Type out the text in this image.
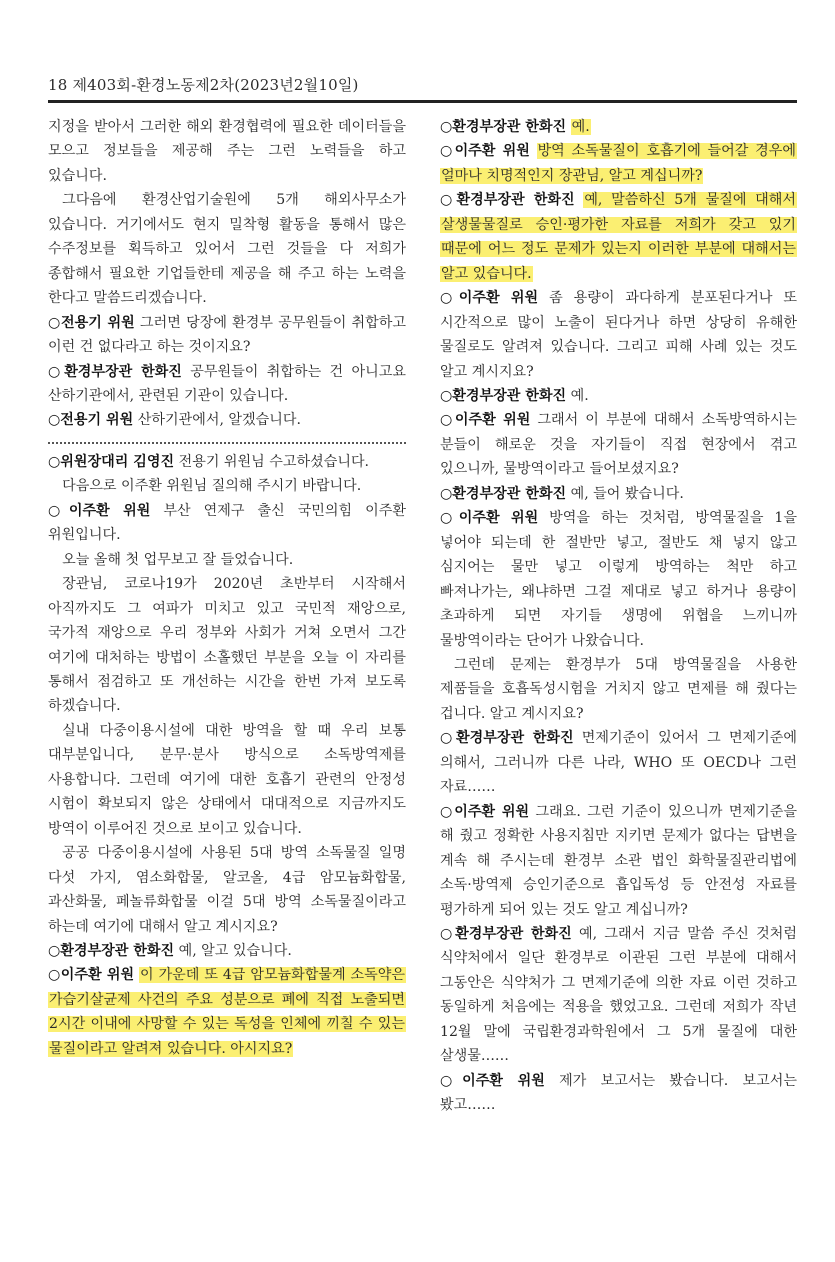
18 제403회-환경노동제2차(2023년2월10일)

지정을 받아서 그러한 해외 환경협력에 필요한 데이터들을 모으고 정보들을 제공해 주는 그런 노력들을 하고 있습니다.

그다음에 환경산업기술원에 5개 해외사무소가 있습니다. 거기에서도 현지 밀착형 활동을 통해서 많은 수주정보를 획득하고 있어서 그런 것들을 다 저희가 종합해서 필요한 기업들한테 제공을 해 주고 하는 노력을 한다고 말씀드리겠습니다.

○전용기 위원 그러면 당장에 환경부 공무원들이 취합하고 이런 건 없다라고 하는 것이지요?

○환경부장관 한화진 공무원들이 취합하는 건 아니고요 산하기관에서, 관련된 기관이 있습니다.

○전용기 위원 산하기관에서, 알겠습니다.

○위원장대리 김영진 전용기 위원님 수고하셨습니다.

다음으로 이주환 위원님 질의해 주시기 바랍니다.

○이주환 위원 부산 연제구 출신 국민의힘 이주환 위원입니다.

오늘 올해 첫 업무보고 잘 들었습니다.

장관님, 코로나19가 2020년 초반부터 시작해서 아직까지도 그 여파가 미치고 있고 국민적 재앙으로, 국가적 재앙으로 우리 정부와 사회가 거쳐 오면서 그간 여기에 대처하는 방법이 소홀했던 부분을 오늘 이 자리를 통해서 점검하고 또 개선하는 시간을 한번 가져 보도록 하겠습니다.

실내 다중이용시설에 대한 방역을 할 때 우리 보통 대부분입니다, 분무·분사 방식으로 소독방역제를 사용합니다. 그런데 여기에 대한 호흡기 관련의 안정성 시험이 확보되지 않은 상태에서 대대적으로 지금까지도 방역이 이루어진 것으로 보이고 있습니다.

공공 다중이용시설에 사용된 5대 방역 소독물질 일명 다섯 가지, 염소화합물, 알코올, 4급 암모늄화합물, 과산화물, 페놀류화합물 이걸 5대 방역 소독물질이라고 하는데 여기에 대해서 알고 계시지요?

○환경부장관 한화진 예, 알고 있습니다.

○이주환 위원 이 가운데 또 4급 암모늄화합물계 소독약은 가습기살균제 사건의 주요 성분으로 폐에 직접 노출되면 2시간 이내에 사망할 수 있는 독성을 인체에 끼칠 수 있는 물질이라고 알려져 있습니다. 아시지요?

○환경부장관 한화진 예.

○이주환 위원 방역 소독물질이 호흡기에 들어갈 경우에 얼마나 치명적인지 장관님, 알고 계십니까?

○환경부장관 한화진 예, 말씀하신 5개 물질에 대해서 살생물물질로 승인·평가한 자료를 저희가 갖고 있기 때문에 어느 정도 문제가 있는지 이러한 부분에 대해서는 알고 있습니다.

○이주환 위원 좀 용량이 과다하게 분포된다거나 또 시간적으로 많이 노출이 된다거나 하면 상당히 유해한 물질로도 알려져 있습니다. 그리고 피해 사례 있는 것도 알고 계시지요?

○환경부장관 한화진 예.

○이주환 위원 그래서 이 부분에 대해서 소독방역하시는 분들이 해로운 것을 자기들이 직접 현장에서 겪고 있으니까, 물방역이라고 들어보셨지요?

○환경부장관 한화진 예, 들어 봤습니다.

○이주환 위원 방역을 하는 것처럼, 방역물질을 1을 넣어야 되는데 한 절반만 넣고, 절반도 채 넣지 않고 심지어는 물만 넣고 이렇게 방역하는 척만 하고 빠져나가는, 왜냐하면 그걸 제대로 넣고 하거나 용량이 초과하게 되면 자기들 생명에 위협을 느끼니까 물방역이라는 단어가 나왔습니다.

그런데 문제는 환경부가 5대 방역물질을 사용한 제품들을 호흡독성시험을 거치지 않고 면제를 해 줬다는 겁니다. 알고 계시지요?

○환경부장관 한화진 면제기준이 있어서 그 면제기준에 의해서, 그러니까 다른 나라, WHO 또 OECD나 그런 자료……

○이주환 위원 그래요. 그런 기준이 있으니까 면제기준을 해 줬고 정확한 사용지침만 지키면 문제가 없다는 답변을 계속 해 주시는데 환경부 소관 법인 화학물질관리법에 소독·방역제 승인기준으로 흡입독성 등 안전성 자료를 평가하게 되어 있는 것도 알고 계십니까?

○환경부장관 한화진 예, 그래서 지금 말씀 주신 것처럼 식약처에서 일단 환경부로 이관된 그런 부분에 대해서 그동안은 식약처가 그 면제기준에 의한 자료 이런 것하고 동일하게 처음에는 적용을 했었고요. 그런데 저희가 작년 12월 말에 국립환경과학원에서 그 5개 물질에 대한 살생물……

○이주환 위원 제가 보고서는 봤습니다. 보고서는 봤고……
